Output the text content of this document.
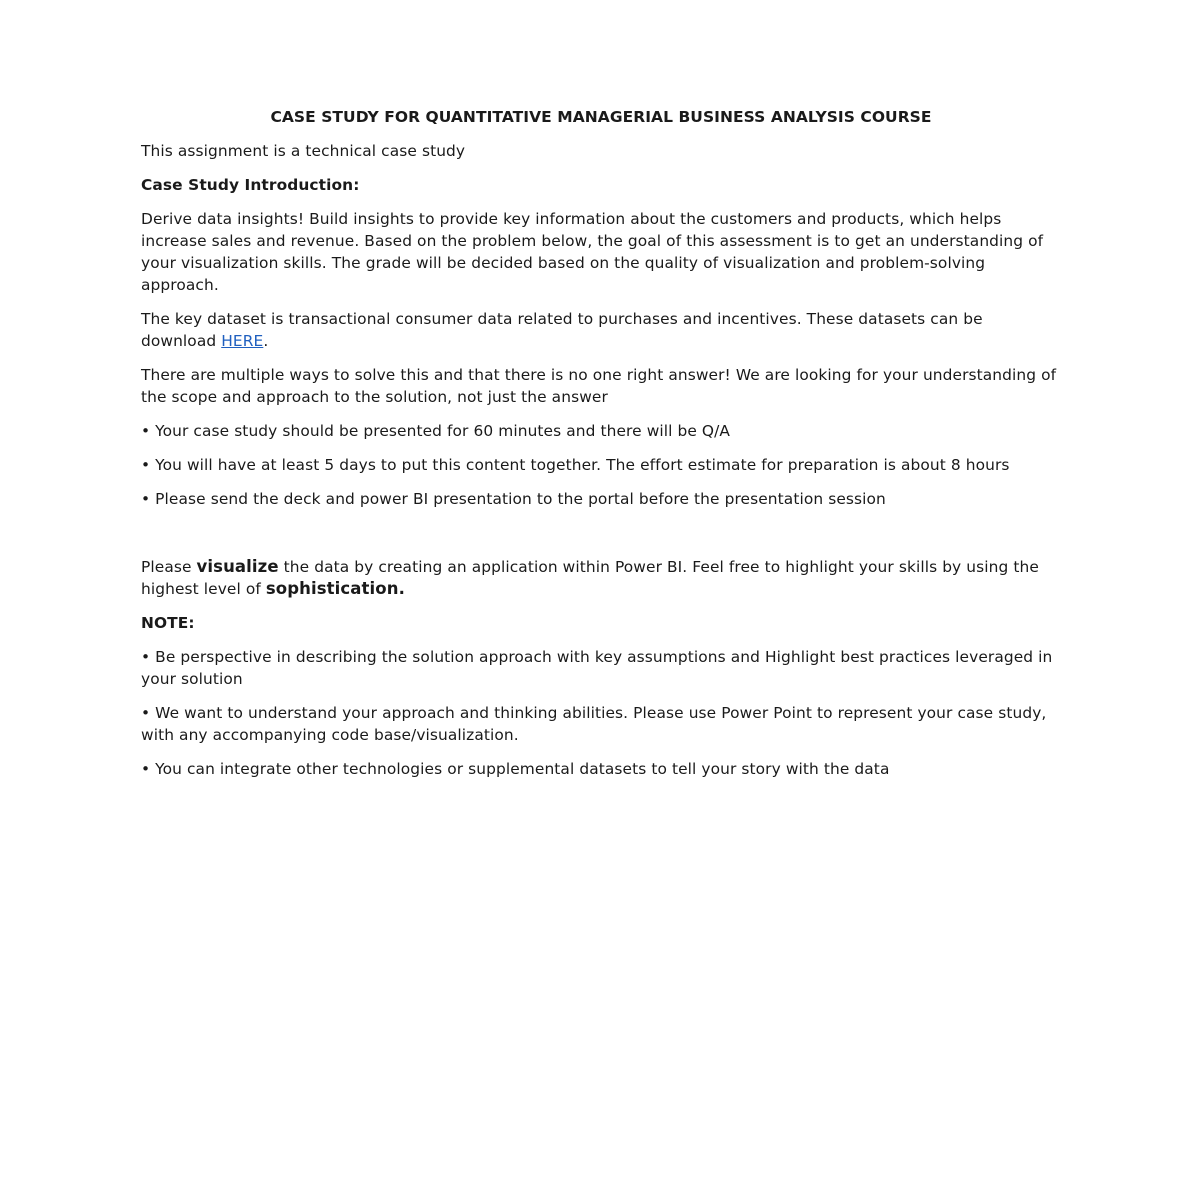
CASE STUDY FOR QUANTITATIVE MANAGERIAL BUSINESS ANALYSIS COURSE

This assignment is a technical case study

Case Study Introduction:

Derive data insights! Build insights to provide key information about the customers and products, which helps increase sales and revenue. Based on the problem below, the goal of this assessment is to get an understanding of your visualization skills. The grade will be decided based on the quality of visualization and problem-solving approach.

The key dataset is transactional consumer data related to purchases and incentives. These datasets can be download HERE.

There are multiple ways to solve this and that there is no one right answer! We are looking for your understanding of the scope and approach to the solution, not just the answer

• Your case study should be presented for 60 minutes and there will be Q/A

• You will have at least 5 days to put this content together. The effort estimate for preparation is about 8 hours

• Please send the deck and power BI presentation to the portal before the presentation session

Please visualize the data by creating an application within Power BI. Feel free to highlight your skills by using the highest level of sophistication.

NOTE:

• Be perspective in describing the solution approach with key assumptions and Highlight best practices leveraged in your solution

• We want to understand your approach and thinking abilities. Please use Power Point to represent your case study, with any accompanying code base/visualization.

• You can integrate other technologies or supplemental datasets to tell your story with the data
